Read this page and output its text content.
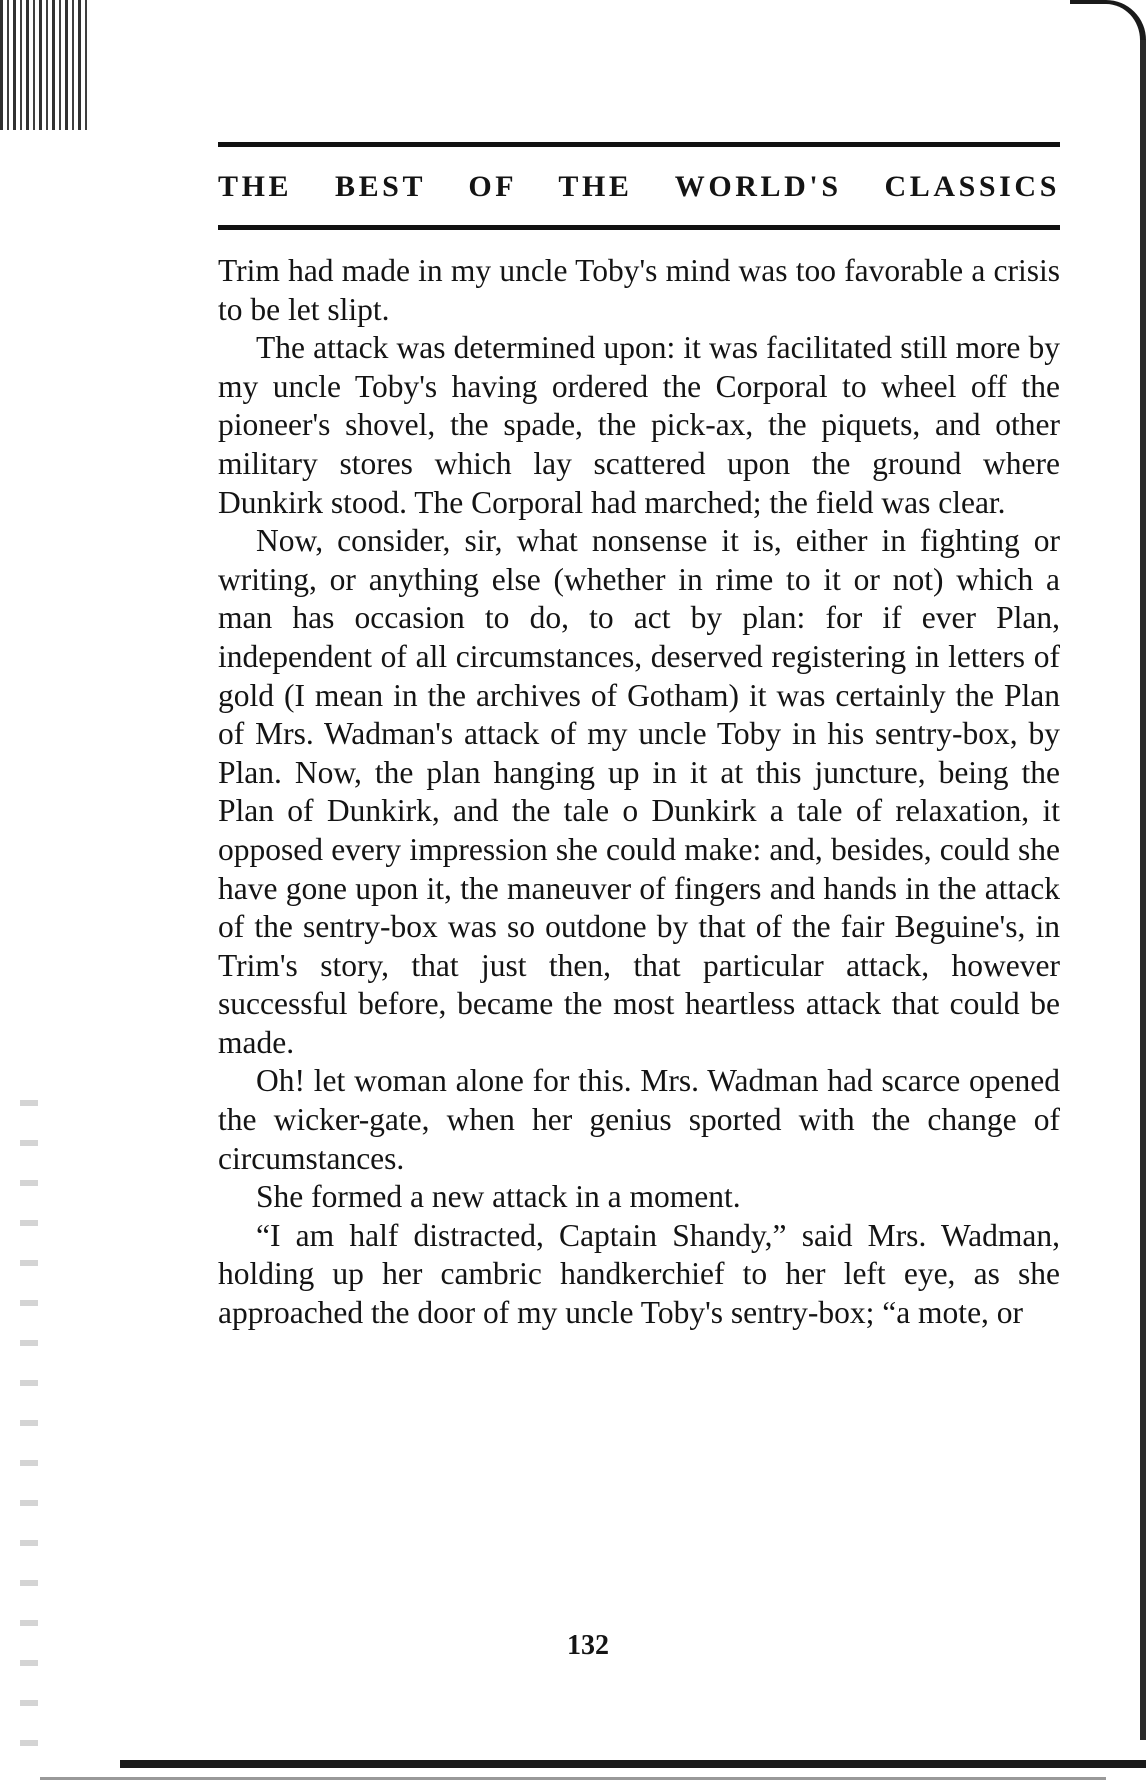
THE BEST OF THE WORLD'S CLASSICS

Trim had made in my uncle Toby's mind was too favorable a crisis to be let slipt.

The attack was determined upon: it was facilitated still more by my uncle Toby's having ordered the Corporal to wheel off the pioneer's shovel, the spade, the pick-ax, the piquets, and other military stores which lay scattered upon the ground where Dunkirk stood. The Corporal had marched; the field was clear.

Now, consider, sir, what nonsense it is, either in fighting or writing, or anything else (whether in rime to it or not) which a man has occasion to do, to act by plan: for if ever Plan, independent of all circumstances, deserved registering in letters of gold (I mean in the archives of Gotham) it was certainly the Plan of Mrs. Wadman's attack of my uncle Toby in his sentry-box, by Plan. Now, the plan hanging up in it at this juncture, being the Plan of Dunkirk, and the tale o Dunkirk a tale of relaxation, it opposed every impression she could make: and, besides, could she have gone upon it, the maneuver of fingers and hands in the attack of the sentry-box was so outdone by that of the fair Beguine's, in Trim's story, that just then, that particular attack, however successful before, became the most heartless attack that could be made.

Oh! let woman alone for this. Mrs. Wadman had scarce opened the wicker-gate, when her genius sported with the change of circumstances.

She formed a new attack in a moment.

“I am half distracted, Captain Shandy,” said Mrs. Wadman, holding up her cambric handkerchief to her left eye, as she approached the door of my uncle Toby's sentry-box; “a mote, or

132
